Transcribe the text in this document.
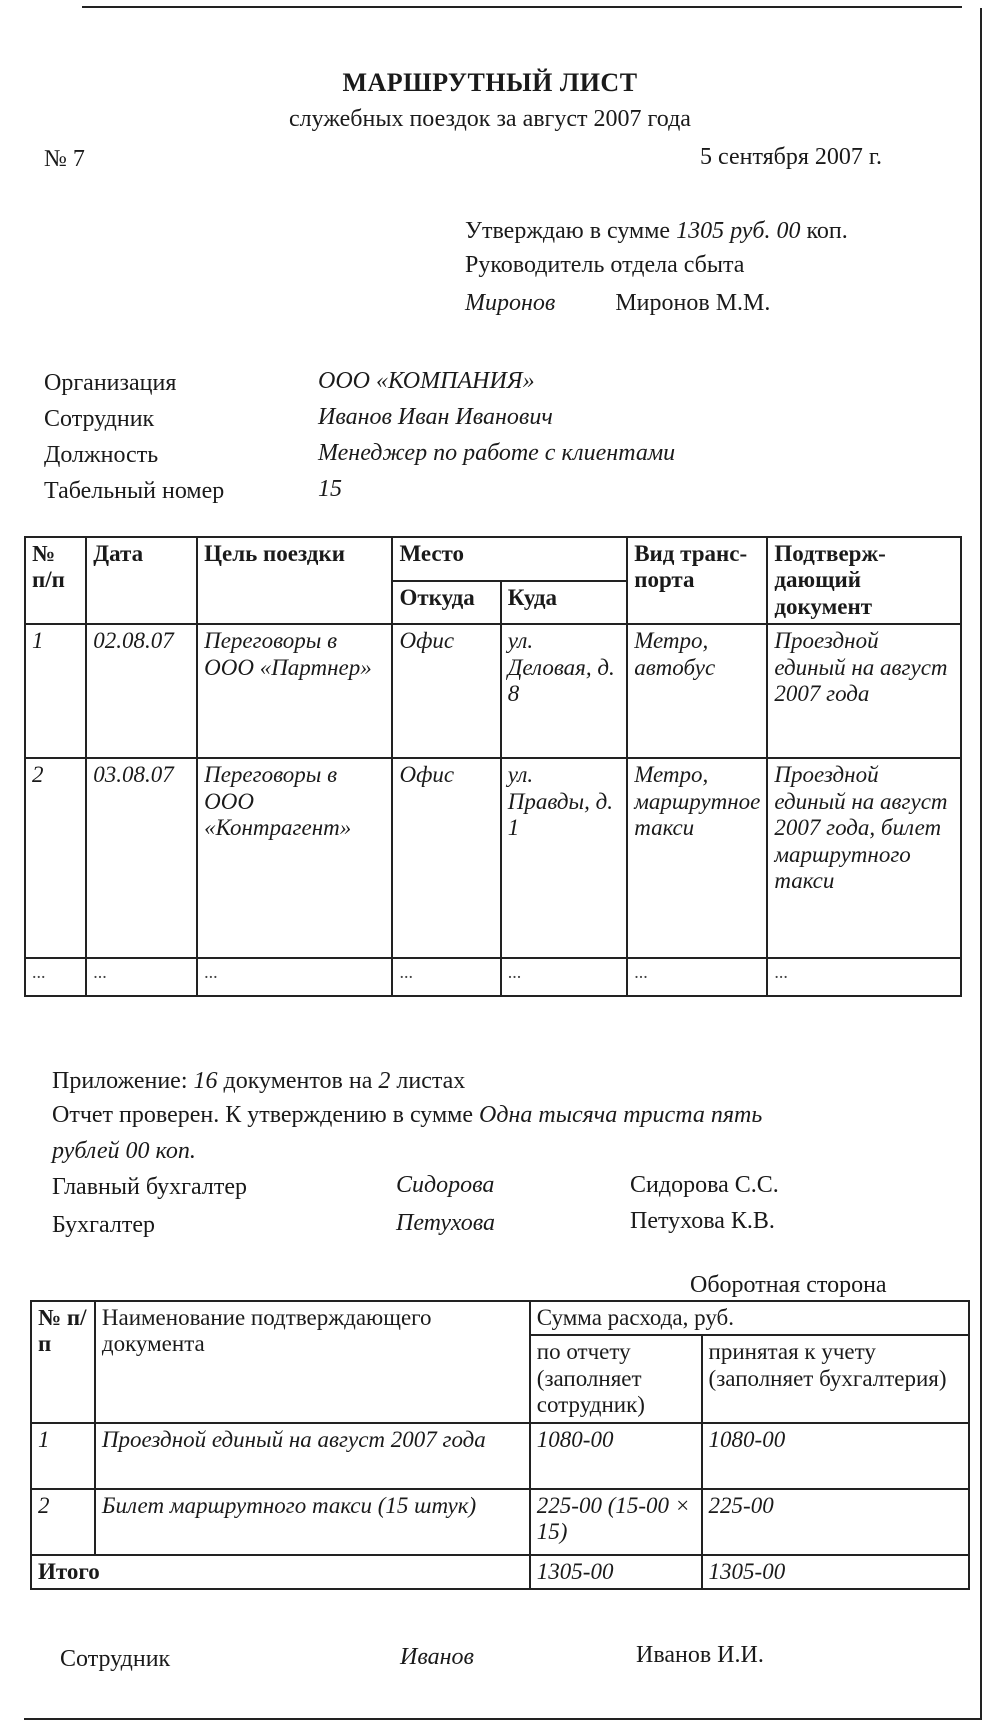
МАРШРУТНЫЙ ЛИСТ
служебных поездок за август 2007 года
№ 7	5 сентября 2007 г.
Утверждаю в сумме 1305 руб. 00 коп.
Руководитель отдела сбыта
Миронов	Миронов М.М.
Организация	ООО «КОМПАНИЯ»
Сотрудник	Иванов Иван Иванович
Должность	Менеджер по работе с клиентами
Табельный номер	15
№ п/п	Дата	Цель поездки	Место		Вид транс-порта	Подтверж-дающий документ
			Откуда	Куда		
1	02.08.07	Переговоры в ООО «Партнер»	Офис	ул. Деловая, д. 8	Метро, автобус	Проездной единый на август 2007 года
2	03.08.07	Переговоры в ООО «Контрагент»	Офис	ул. Правды, д. 1	Метро, маршрутное такси	Проездной единый на август 2007 года, билет маршрутного такси
...	...	...	...	...	...	...
Приложение: 16 документов на 2 листах
Отчет проверен. К утверждению в сумме Одна тысяча триста пять
рублей 00 коп.
Главный бухгалтер	Сидорова	Сидорова С.С.
Бухгалтер	Петухова	Петухова К.В.
Оборотная сторона
№ п/п	Наименование подтверждающего документа	Сумма расхода, руб.	
		по отчету (заполняет сотрудник)	принятая к учету (заполняет бухгалтерия)
1	Проездной единый на август 2007 года	1080-00	1080-00
2	Билет маршрутного такси (15 штук)	225-00 (15-00 × 15)	225-00
Итого		1305-00	1305-00
Сотрудник	Иванов	Иванов И.И.
